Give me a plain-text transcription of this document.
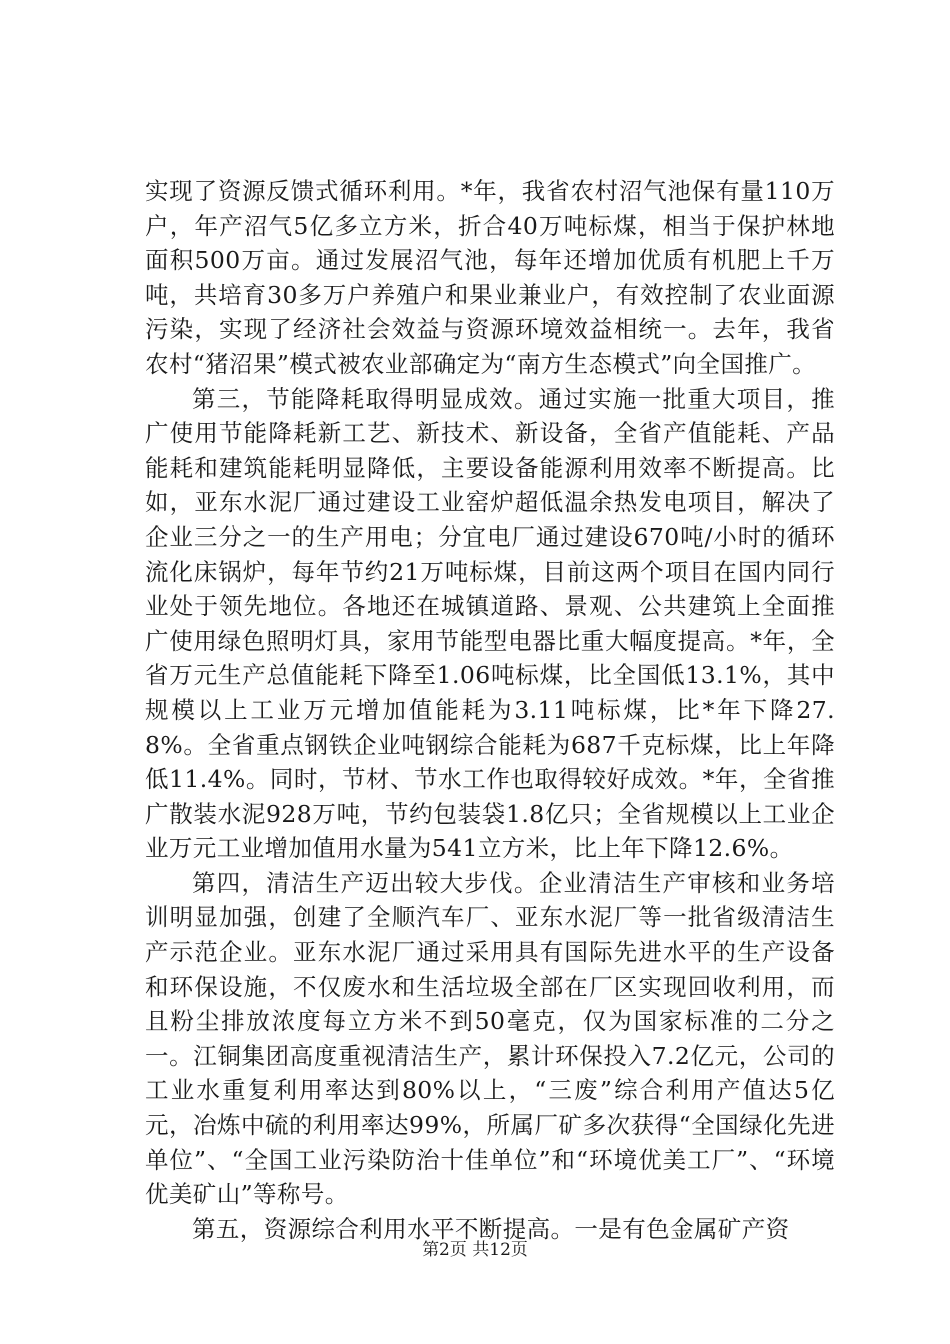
实现了资源反馈式循环利用。*年，我省农村沼气池保有量110万户，年产沼气5亿多立方米，折合40万吨标煤，相当于保护林地面积500万亩。通过发展沼气池，每年还增加优质有机肥上千万吨，共培育30多万户养殖户和果业兼业户，有效控制了农业面源污染，实现了经济社会效益与资源环境效益相统一。去年，我省农村“猪沼果”模式被农业部确定为“南方生态模式”向全国推广。

第三，节能降耗取得明显成效。通过实施一批重大项目，推广使用节能降耗新工艺、新技术、新设备，全省产值能耗、产品能耗和建筑能耗明显降低，主要设备能源利用效率不断提高。比如，亚东水泥厂通过建设工业窑炉超低温余热发电项目，解决了企业三分之一的生产用电；分宜电厂通过建设670吨/小时的循环流化床锅炉，每年节约21万吨标煤，目前这两个项目在国内同行业处于领先地位。各地还在城镇道路、景观、公共建筑上全面推广使用绿色照明灯具，家用节能型电器比重大幅度提高。*年，全省万元生产总值能耗下降至1.06吨标煤，比全国低13.1%，其中规模以上工业万元增加值能耗为3.11吨标煤，比*年下降27.8%。全省重点钢铁企业吨钢综合能耗为687千克标煤，比上年降低11.4%。同时，节材、节水工作也取得较好成效。*年，全省推广散装水泥928万吨，节约包装袋1.8亿只；全省规模以上工业企业万元工业增加值用水量为541立方米，比上年下降12.6%。

第四，清洁生产迈出较大步伐。企业清洁生产审核和业务培训明显加强，创建了全顺汽车厂、亚东水泥厂等一批省级清洁生产示范企业。亚东水泥厂通过采用具有国际先进水平的生产设备和环保设施，不仅废水和生活垃圾全部在厂区实现回收利用，而且粉尘排放浓度每立方米不到50毫克，仅为国家标准的二分之一。江铜集团高度重视清洁生产，累计环保投入7.2亿元，公司的工业水重复利用率达到80%以上，“三废”综合利用产值达5亿元，冶炼中硫的利用率达99%，所属厂矿多次获得“全国绿化先进单位”、“全国工业污染防治十佳单位”和“环境优美工厂”、“环境优美矿山”等称号。

第五，资源综合利用水平不断提高。一是有色金属矿产资

第2页 共12页
